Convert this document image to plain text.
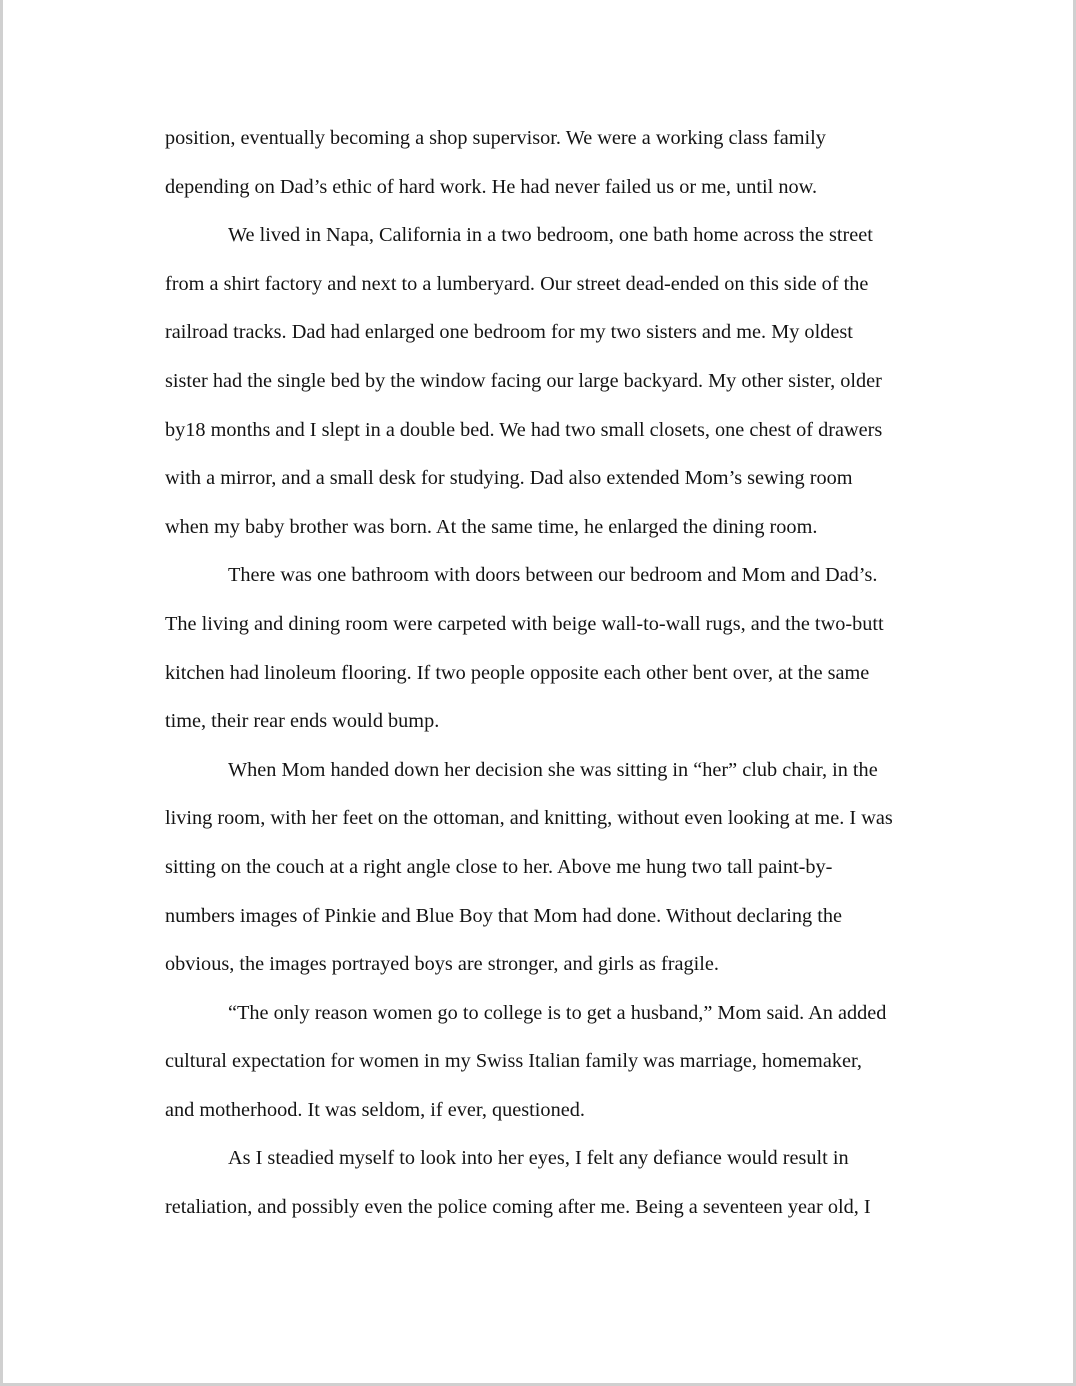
position, eventually becoming a shop supervisor. We were a working class family
depending on Dad’s ethic of hard work. He had never failed us or me, until now.
We lived in Napa, California in a two bedroom, one bath home across the street
from a shirt factory and next to a lumberyard. Our street dead-ended on this side of the
railroad tracks. Dad had enlarged one bedroom for my two sisters and me. My oldest
sister had the single bed by the window facing our large backyard. My other sister, older
by18 months and I slept in a double bed. We had two small closets, one chest of drawers
with a mirror, and a small desk for studying. Dad also extended Mom’s sewing room
when my baby brother was born. At the same time, he enlarged the dining room.
There was one bathroom with doors between our bedroom and Mom and Dad’s.
The living and dining room were carpeted with beige wall-to-wall rugs, and the two-butt
kitchen had linoleum flooring. If two people opposite each other bent over, at the same
time, their rear ends would bump.
When Mom handed down her decision she was sitting in “her” club chair, in the
living room, with her feet on the ottoman, and knitting, without even looking at me. I was
sitting on the couch at a right angle close to her. Above me hung two tall paint-by-
numbers images of Pinkie and Blue Boy that Mom had done. Without declaring the
obvious, the images portrayed boys are stronger, and girls as fragile.
“The only reason women go to college is to get a husband,” Mom said. An added
cultural expectation for women in my Swiss Italian family was marriage, homemaker,
and motherhood. It was seldom, if ever, questioned.
As I steadied myself to look into her eyes, I felt any defiance would result in
retaliation, and possibly even the police coming after me. Being a seventeen year old, I
